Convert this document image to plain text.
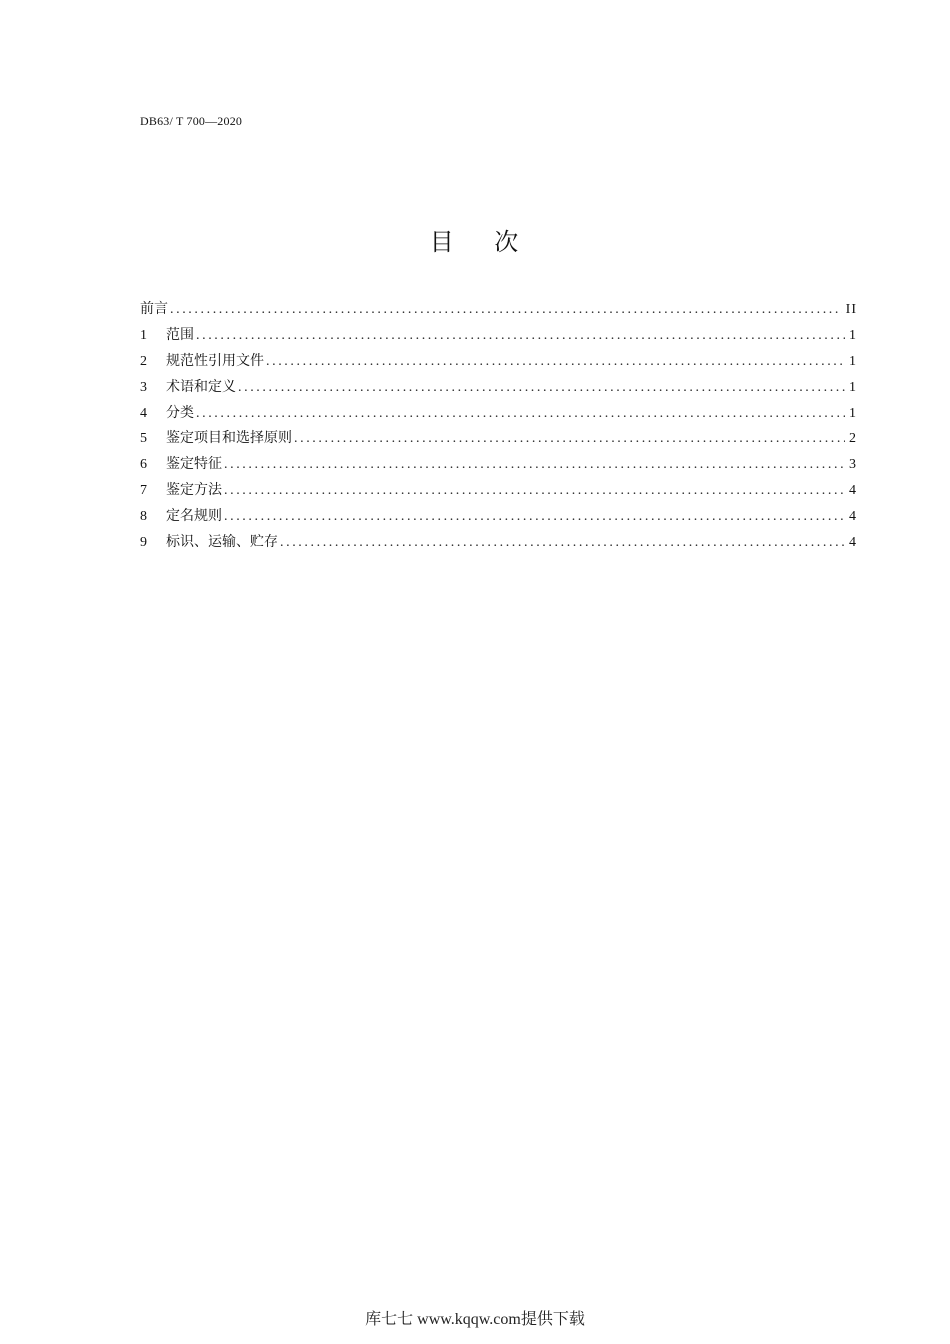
DB63/ T 700—2020
目    次
前言 .....	II
1	范围 .....	1
2	规范性引用文件 .....	1
3	术语和定义 .....	1
4	分类 .....	1
5	鉴定项目和选择原则 .....	2
6	鉴定特征 .....	3
7	鉴定方法 .....	4
8	定名规则 .....	4
9	标识、运输、贮存 .....	4
库七七 www.kqqw.com提供下载
